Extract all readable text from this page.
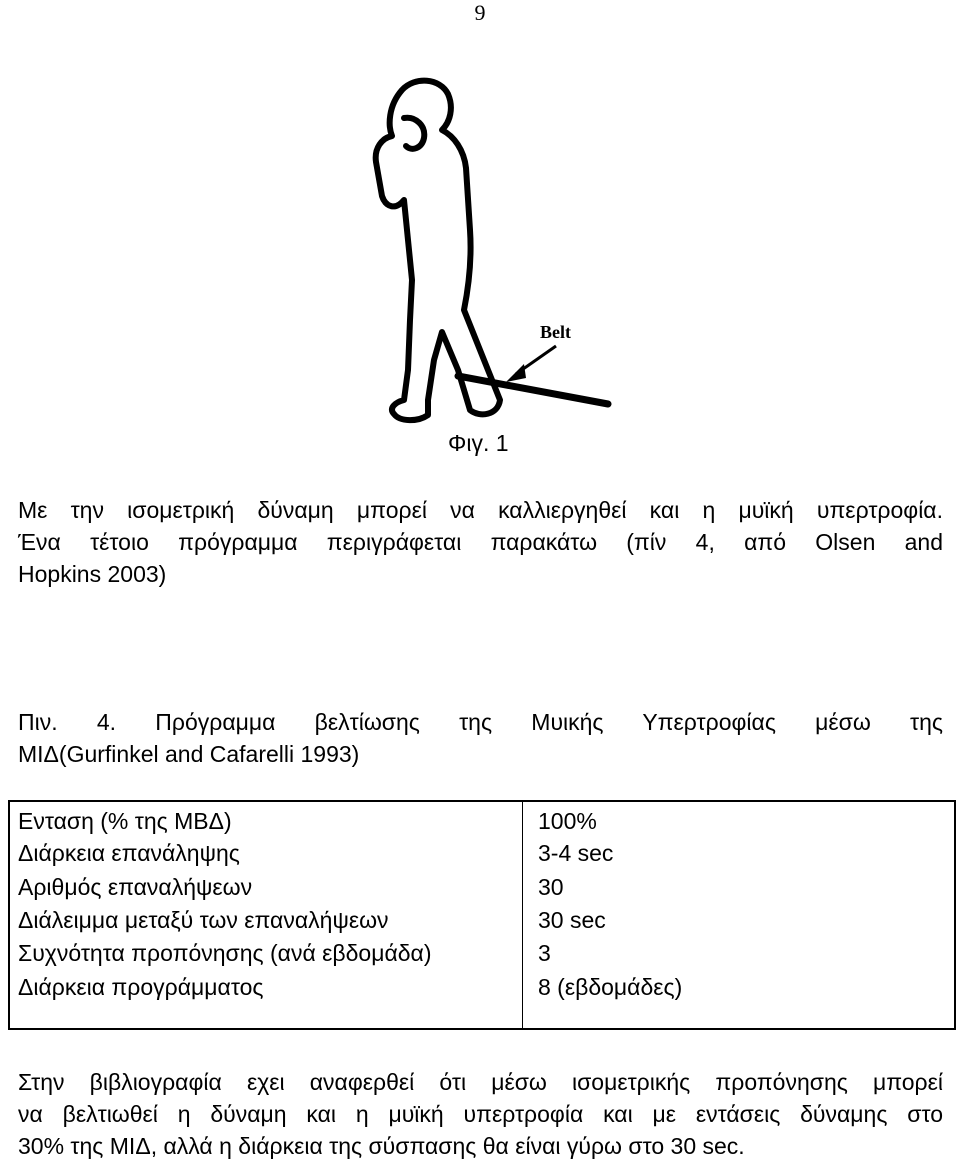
9
Belt
Φιγ. 1
Με την ισομετρική δύναμη μπορεί να καλλιεργηθεί και η μυϊκή υπερτροφία.
Ένα τέτοιο πρόγραμμα περιγράφεται παρακάτω (πίν 4, από Olsen and
Hopkins 2003)
Πιν. 4. Πρόγραμμα βελτίωσης της Μυικής Υπερτροφίας μέσω της
ΜΙΔ(Gurfinkel and Cafarelli 1993)
Ενταση (% της ΜΒΔ)	100%
Διάρκεια επανάληψης	3-4 sec
Αριθμός επαναλήψεων	30
Διάλειμμα μεταξύ των επαναλήψεων	30 sec
Συχνότητα προπόνησης (ανά εβδομάδα)	3
Διάρκεια προγράμματος	8 (εβδομάδες)
Στην βιβλιογραφία εχει αναφερθεί ότι μέσω ισομετρικής προπόνησης μπορεί
να βελτιωθεί η δύναμη και η μυϊκή υπερτροφία και με εντάσεις δύναμης στο
30% της ΜΙΔ, αλλά η διάρκεια της σύσπασης θα είναι γύρω στο 30 sec.
